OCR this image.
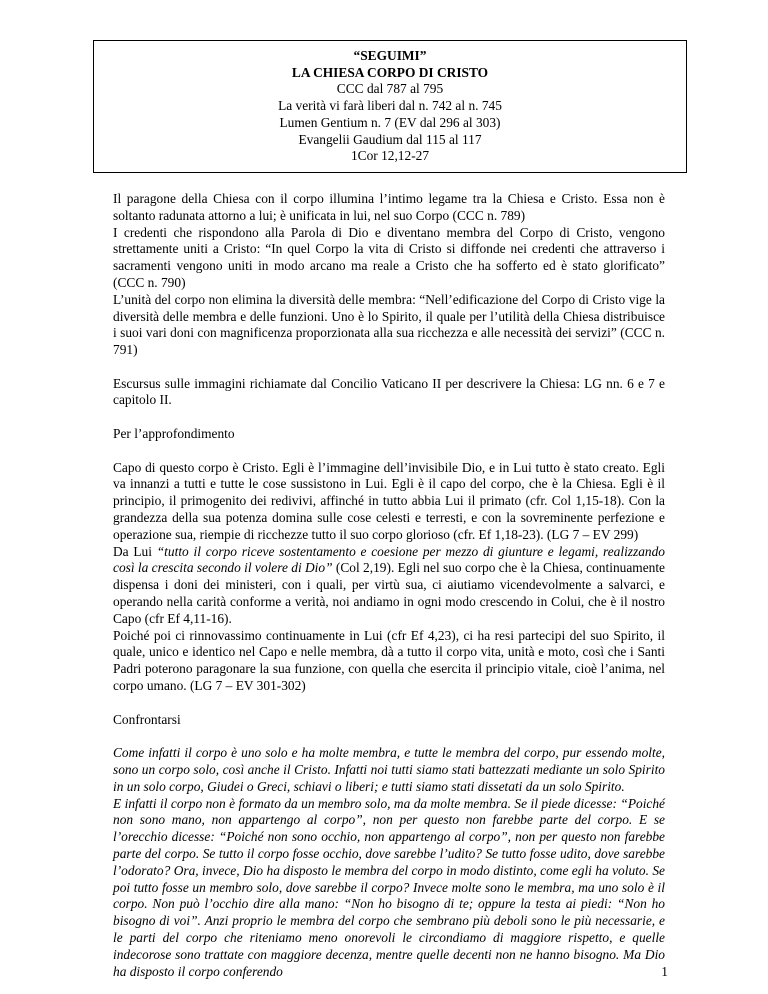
“SEGUIMI”
LA CHIESA CORPO DI CRISTO
CCC dal 787 al 795
La verità vi farà liberi dal n. 742 al n. 745
Lumen Gentium n. 7 (EV dal 296 al 303)
Evangelii Gaudium dal 115 al 117
1Cor 12,12-27

Il paragone della Chiesa con il corpo illumina l’intimo legame tra la Chiesa e Cristo. Essa non è soltanto radunata attorno a lui; è unificata in lui, nel suo Corpo (CCC n. 789)

I credenti che rispondono alla Parola di Dio e diventano membra del Corpo di Cristo, vengono strettamente uniti a Cristo: “In quel Corpo la vita di Cristo si diffonde nei credenti che attraverso i sacramenti vengono uniti in modo arcano ma reale a Cristo che ha sofferto ed è stato glorificato” (CCC n. 790)

L’unità del corpo non elimina la diversità delle membra: “Nell’edificazione del Corpo di Cristo vige la diversità delle membra e delle funzioni. Uno è lo Spirito, il quale per l’utilità della Chiesa distribuisce i suoi vari doni con magnificenza proporzionata alla sua ricchezza e alle necessità dei servizi” (CCC n. 791)

Escursus sulle immagini richiamate dal Concilio Vaticano II per descrivere la Chiesa: LG nn. 6 e 7 e capitolo II.

Per l’approfondimento

Capo di questo corpo è Cristo. Egli è l’immagine dell’invisibile Dio, e in Lui tutto è stato creato. Egli va innanzi a tutti e tutte le cose sussistono in Lui. Egli è il capo del corpo, che è la Chiesa. Egli è il principio, il primogenito dei redivivi, affinché in tutto abbia Lui il primato (cfr. Col 1,15-18). Con la grandezza della sua potenza domina sulle cose celesti e terresti, e con la sovreminente perfezione e operazione sua, riempie di ricchezze tutto il suo corpo glorioso (cfr. Ef 1,18-23). (LG 7 – EV 299)

Da Lui “tutto il corpo riceve sostentamento e coesione per mezzo di giunture e legami, realizzando così la crescita secondo il volere di Dio” (Col 2,19). Egli nel suo corpo che è la Chiesa, continuamente dispensa i doni dei ministeri, con i quali, per virtù sua, ci aiutiamo vicendevolmente a salvarci, e operando nella carità conforme a verità, noi andiamo in ogni modo crescendo in Colui, che è il nostro Capo (cfr Ef 4,11-16).

Poiché poi ci rinnovassimo continuamente in Lui (cfr Ef 4,23), ci ha resi partecipi del suo Spirito, il quale, unico e identico nel Capo e nelle membra, dà a tutto il corpo vita, unità e moto, così che i Santi Padri poterono paragonare la sua funzione, con quella che esercita il principio vitale, cioè l’anima, nel corpo umano. (LG 7 – EV 301-302)

Confrontarsi

Come infatti il corpo è uno solo e ha molte membra, e tutte le membra del corpo, pur essendo molte, sono un corpo solo, così anche il Cristo. Infatti noi tutti siamo stati battezzati mediante un solo Spirito in un solo corpo, Giudei o Greci, schiavi o liberi; e tutti siamo stati dissetati da un solo Spirito.

E infatti il corpo non è formato da un membro solo, ma da molte membra. Se il piede dicesse: “Poiché non sono mano, non appartengo al corpo”, non per questo non farebbe parte del corpo. E se l’orecchio dicesse: “Poiché non sono occhio, non appartengo al corpo”, non per questo non farebbe parte del corpo. Se tutto il corpo fosse occhio, dove sarebbe l’udito? Se tutto fosse udito, dove sarebbe l’odorato? Ora, invece, Dio ha disposto le membra del corpo in modo distinto, come egli ha voluto. Se poi tutto fosse un membro solo, dove sarebbe il corpo? Invece molte sono le membra, ma uno solo è il corpo. Non può l’occhio dire alla mano: “Non ho bisogno di te; oppure la testa ai piedi: “Non ho bisogno di voi”. Anzi proprio le membra del corpo che sembrano più deboli sono le più necessarie, e le parti del corpo che riteniamo meno onorevoli le circondiamo di maggiore rispetto, e quelle indecorose sono trattate con maggiore decenza, mentre quelle decenti non ne hanno bisogno. Ma Dio ha disposto il corpo conferendo	1
